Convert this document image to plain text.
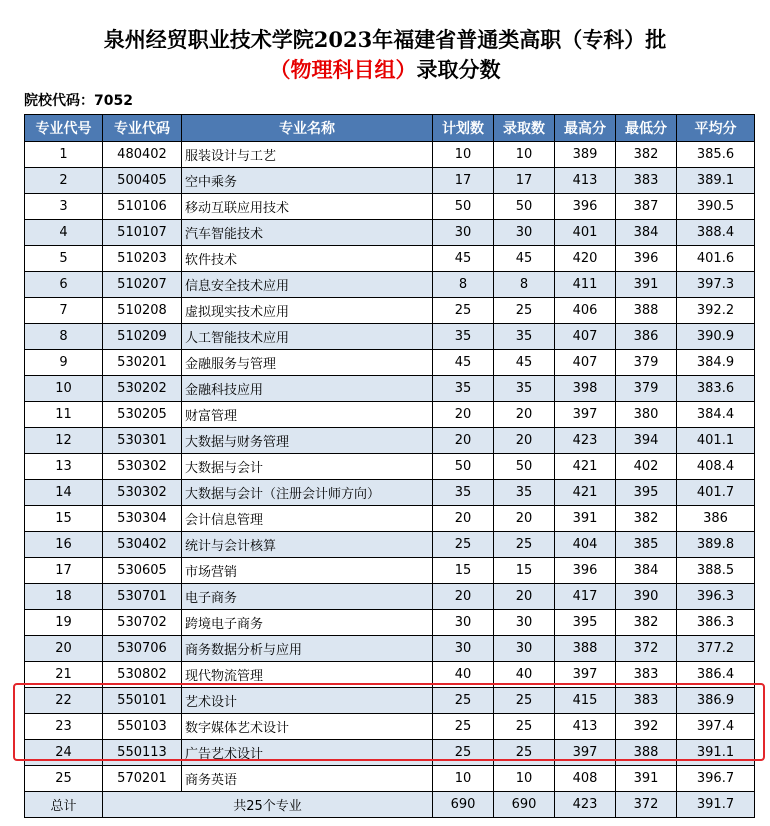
泉州经贸职业技术学院2023年福建省普通类高职（专科）批
（物理科目组）录取分数
院校代码：7052
专业代号	专业代码	专业名称	计划数	录取数	最高分	最低分	平均分
1	480402	服装设计与工艺	10	10	389	382	385.6
2	500405	空中乘务	17	17	413	383	389.1
3	510106	移动互联应用技术	50	50	396	387	390.5
4	510107	汽车智能技术	30	30	401	384	388.4
5	510203	软件技术	45	45	420	396	401.6
6	510207	信息安全技术应用	8	8	411	391	397.3
7	510208	虚拟现实技术应用	25	25	406	388	392.2
8	510209	人工智能技术应用	35	35	407	386	390.9
9	530201	金融服务与管理	45	45	407	379	384.9
10	530202	金融科技应用	35	35	398	379	383.6
11	530205	财富管理	20	20	397	380	384.4
12	530301	大数据与财务管理	20	20	423	394	401.1
13	530302	大数据与会计	50	50	421	402	408.4
14	530302	大数据与会计（注册会计师方向）	35	35	421	395	401.7
15	530304	会计信息管理	20	20	391	382	386
16	530402	统计与会计核算	25	25	404	385	389.8
17	530605	市场营销	15	15	396	384	388.5
18	530701	电子商务	20	20	417	390	396.3
19	530702	跨境电子商务	30	30	395	382	386.3
20	530706	商务数据分析与应用	30	30	388	372	377.2
21	530802	现代物流管理	40	40	397	383	386.4
22	550101	艺术设计	25	25	415	383	386.9
23	550103	数字媒体艺术设计	25	25	413	392	397.4
24	550113	广告艺术设计	25	25	397	388	391.1
25	570201	商务英语	10	10	408	391	396.7
总计	共25个专业		690	690	423	372	391.7
